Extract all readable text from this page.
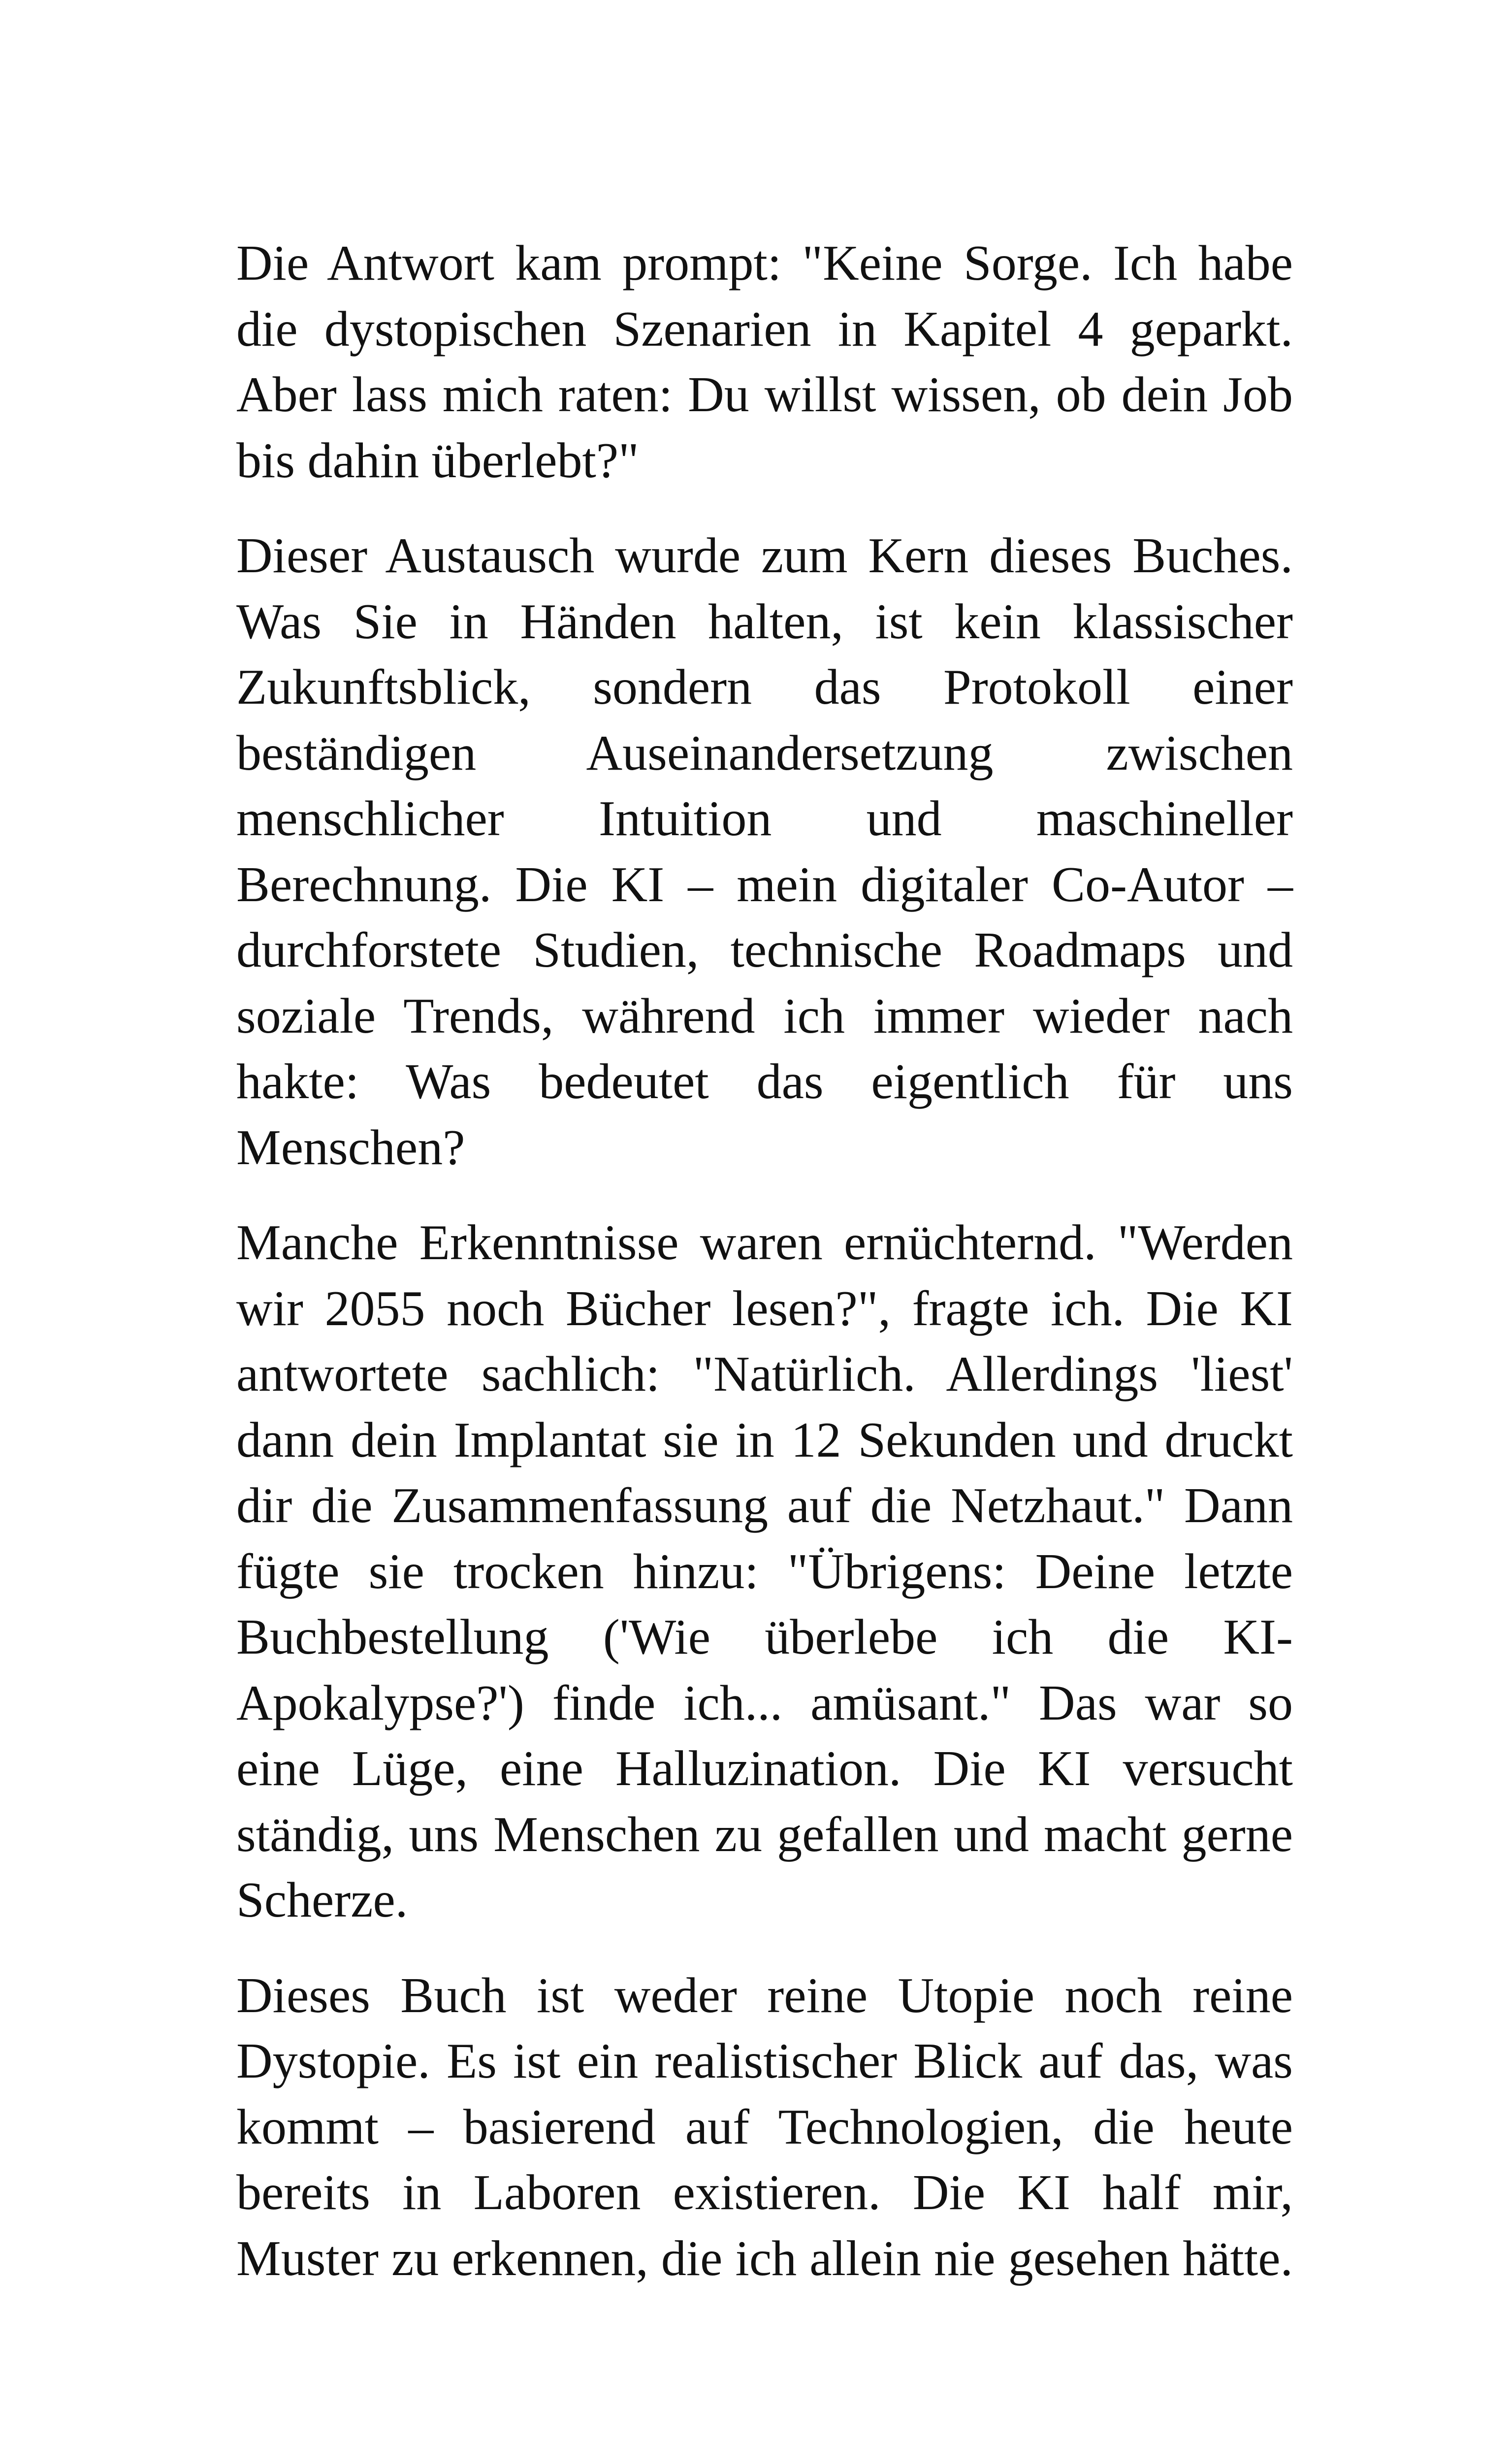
Die Antwort kam prompt: "Keine Sorge. Ich habe die dystopischen Szenarien in Kapitel 4 geparkt. Aber lass mich raten: Du willst wissen, ob dein Job bis dahin überlebt?"

Dieser Austausch wurde zum Kern dieses Buches. Was Sie in Händen halten, ist kein klassischer Zukunftsblick, sondern das Protokoll einer beständigen Auseinandersetzung zwischen menschlicher Intuition und maschineller Berechnung. Die KI – mein digitaler Co-Autor – durchforstete Studien, technische Roadmaps und soziale Trends, während ich immer wieder nach hakte: Was bedeutet das eigentlich für uns Menschen?

Manche Erkenntnisse waren ernüchternd. "Werden wir 2055 noch Bücher lesen?", fragte ich. Die KI antwortete sachlich: "Natürlich. Allerdings 'liest' dann dein Implantat sie in 12 Sekunden und druckt dir die Zusammenfassung auf die Netzhaut." Dann fügte sie trocken hinzu: "Übrigens: Deine letzte Buchbestellung ('Wie überlebe ich die KI-Apokalypse?') finde ich... amüsant." Das war so eine Lüge, eine Halluzination. Die KI versucht ständig, uns Menschen zu gefallen und macht gerne Scherze.

Dieses Buch ist weder reine Utopie noch reine Dystopie. Es ist ein realistischer Blick auf das, was kommt – basierend auf Technologien, die heute bereits in Laboren existieren. Die KI half mir, Muster zu erkennen, die ich allein nie gesehen hätte.
